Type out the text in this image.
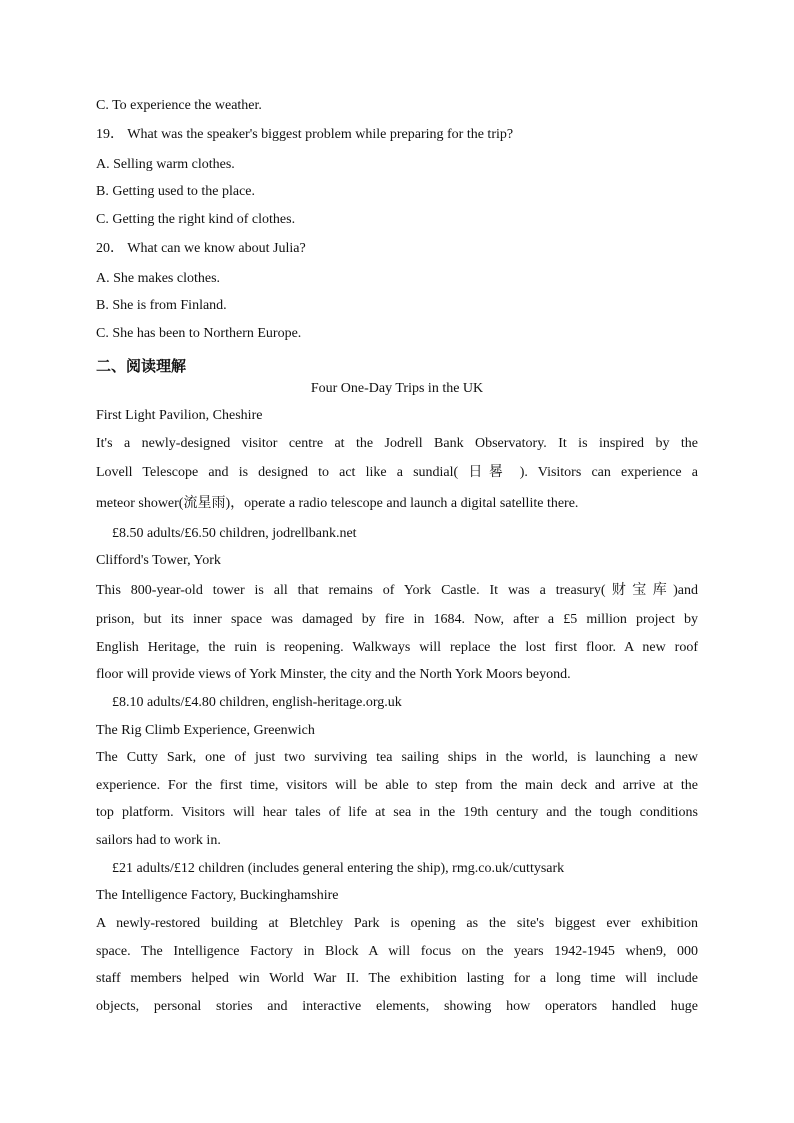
C. To experience the weather.
19． What was the speaker's biggest problem while preparing for the trip?
A. Selling warm clothes.
B. Getting used to the place.
C. Getting the right kind of clothes.
20． What can we know about Julia?
A. She makes clothes.
B. She is from Finland.
C. She has been to Northern Europe.
二、阅读理解
Four One-Day Trips in the UK
First Light Pavilion, Cheshire
It's a newly-designed visitor centre at the Jodrell Bank Observatory. It is inspired by the
Lovell Telescope and is designed to act like a sundial( 日晷 ). Visitors can experience a
meteor shower(流星雨)，operate a radio telescope and launch a digital satellite there.
£8.50 adults/£6.50 children, jodrellbank.net
Clifford's Tower, York
This 800-year-old tower is all that remains of York Castle. It was a treasury(财宝库)and
prison, but its inner space was damaged by fire in 1684. Now, after a £5 million project by
English Heritage, the ruin is reopening. Walkways will replace the lost first floor. A new roof
floor will provide views of York Minster, the city and the North York Moors beyond.
£8.10 adults/£4.80 children, english-heritage.org.uk
The Rig Climb Experience, Greenwich
The Cutty Sark, one of just two surviving tea sailing ships in the world, is launching a new
experience. For the first time, visitors will be able to step from the main deck and arrive at the
top platform. Visitors will hear tales of life at sea in the 19th century and the tough conditions
sailors had to work in.
£21 adults/£12 children (includes general entering the ship), rmg.co.uk/cuttysark
The Intelligence Factory, Buckinghamshire
A newly-restored building at Bletchley Park is opening as the site's biggest ever exhibition
space. The Intelligence Factory in Block A will focus on the years 1942-1945 when9, 000
staff members helped win World War II. The exhibition lasting for a long time will include
objects, personal stories and interactive elements, showing how operators handled huge
